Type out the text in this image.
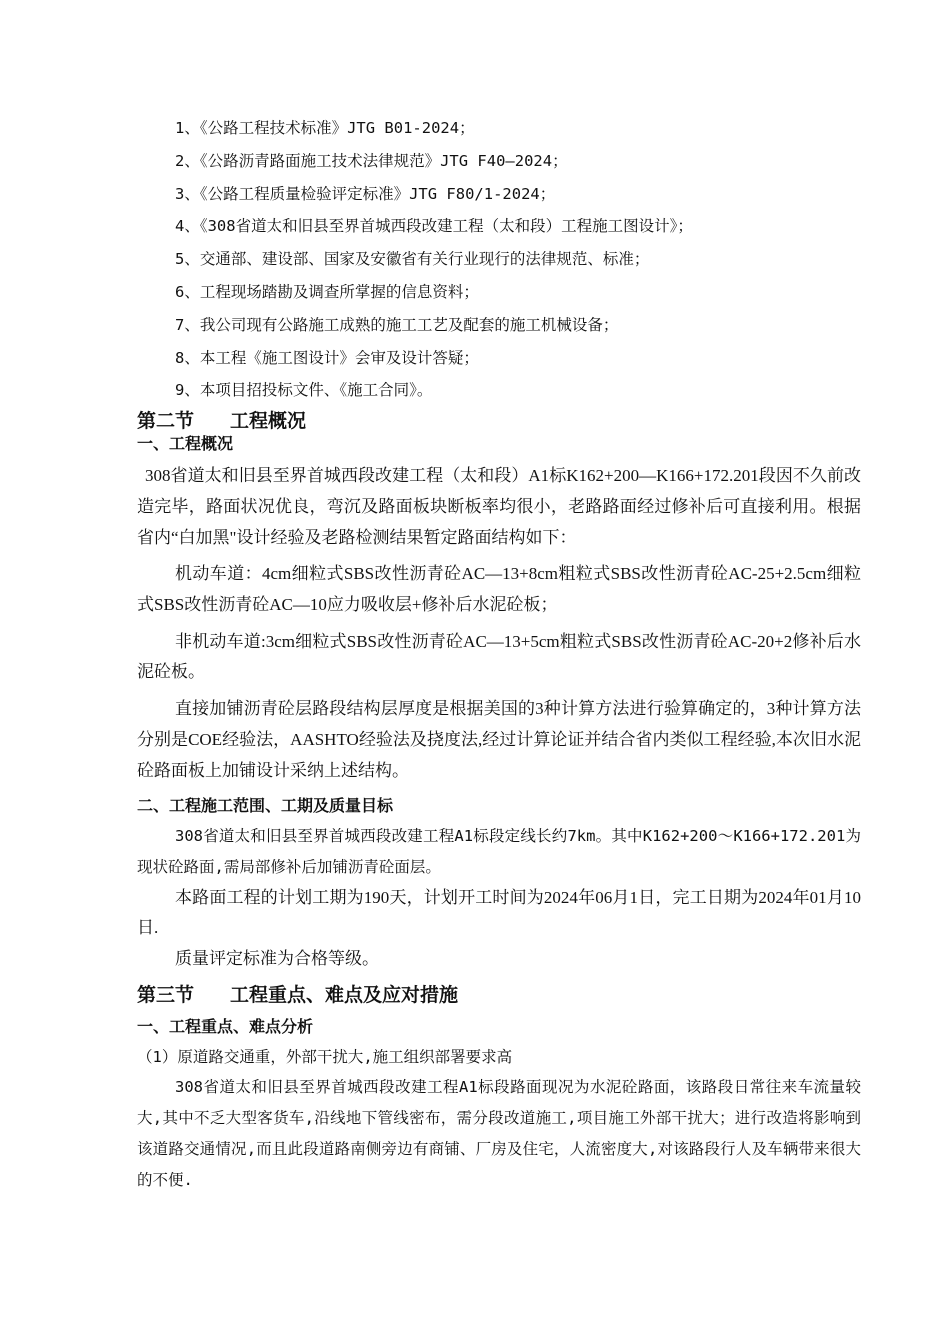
1、《公路工程技术标准》JTG B01-2024；
2、《公路沥青路面施工技术法律规范》JTG F40—2024；
3、《公路工程质量检验评定标准》JTG F80/1-2024；
4、《308省道太和旧县至界首城西段改建工程（太和段）工程施工图设计》；
5、交通部、建设部、国家及安徽省有关行业现行的法律规范、标准；
6、工程现场踏勘及调查所掌握的信息资料；
7、我公司现有公路施工成熟的施工工艺及配套的施工机械设备；
8、本工程《施工图设计》会审及设计答疑；
9、本项目招投标文件、《施工合同》。
第二节 工程概况
一、工程概况

308省道太和旧县至界首城西段改建工程（太和段）A1标K162+200—K166+172.201段因不久前改造完毕，路面状况优良，弯沉及路面板块断板率均很小，老路路面经过修补后可直接利用。根据省内“白加黑"设计经验及老路检测结果暂定路面结构如下：

机动车道：4cm细粒式SBS改性沥青砼AC—13+8cm粗粒式SBS改性沥青砼AC-25+2.5cm细粒式SBS改性沥青砼AC—10应力吸收层+修补后水泥砼板；

非机动车道:3cm细粒式SBS改性沥青砼AC—13+5cm粗粒式SBS改性沥青砼AC-20+2修补后水泥砼板。

直接加铺沥青砼层路段结构层厚度是根据美国的3种计算方法进行验算确定的，3种计算方法分别是COE经验法，AASHTO经验法及挠度法,经过计算论证并结合省内类似工程经验,本次旧水泥砼路面板上加铺设计采纳上述结构。

二、工程施工范围、工期及质量目标

308省道太和旧县至界首城西段改建工程A1标段定线长约7km。其中K162+200～K166+172.201为现状砼路面,需局部修补后加铺沥青砼面层。

本路面工程的计划工期为190天，计划开工时间为2024年06月1日，完工日期为2024年01月10日.

质量评定标准为合格等级。

第三节 工程重点、难点及应对措施
一、工程重点、难点分析

（1）原道路交通重，外部干扰大,施工组织部署要求高

308省道太和旧县至界首城西段改建工程A1标段路面现况为水泥砼路面，该路段日常往来车流量较大,其中不乏大型客货车,沿线地下管线密布，需分段改道施工,项目施工外部干扰大；进行改造将影响到该道路交通情况,而且此段道路南侧旁边有商铺、厂房及住宅，人流密度大,对该路段行人及车辆带来很大的不便.
